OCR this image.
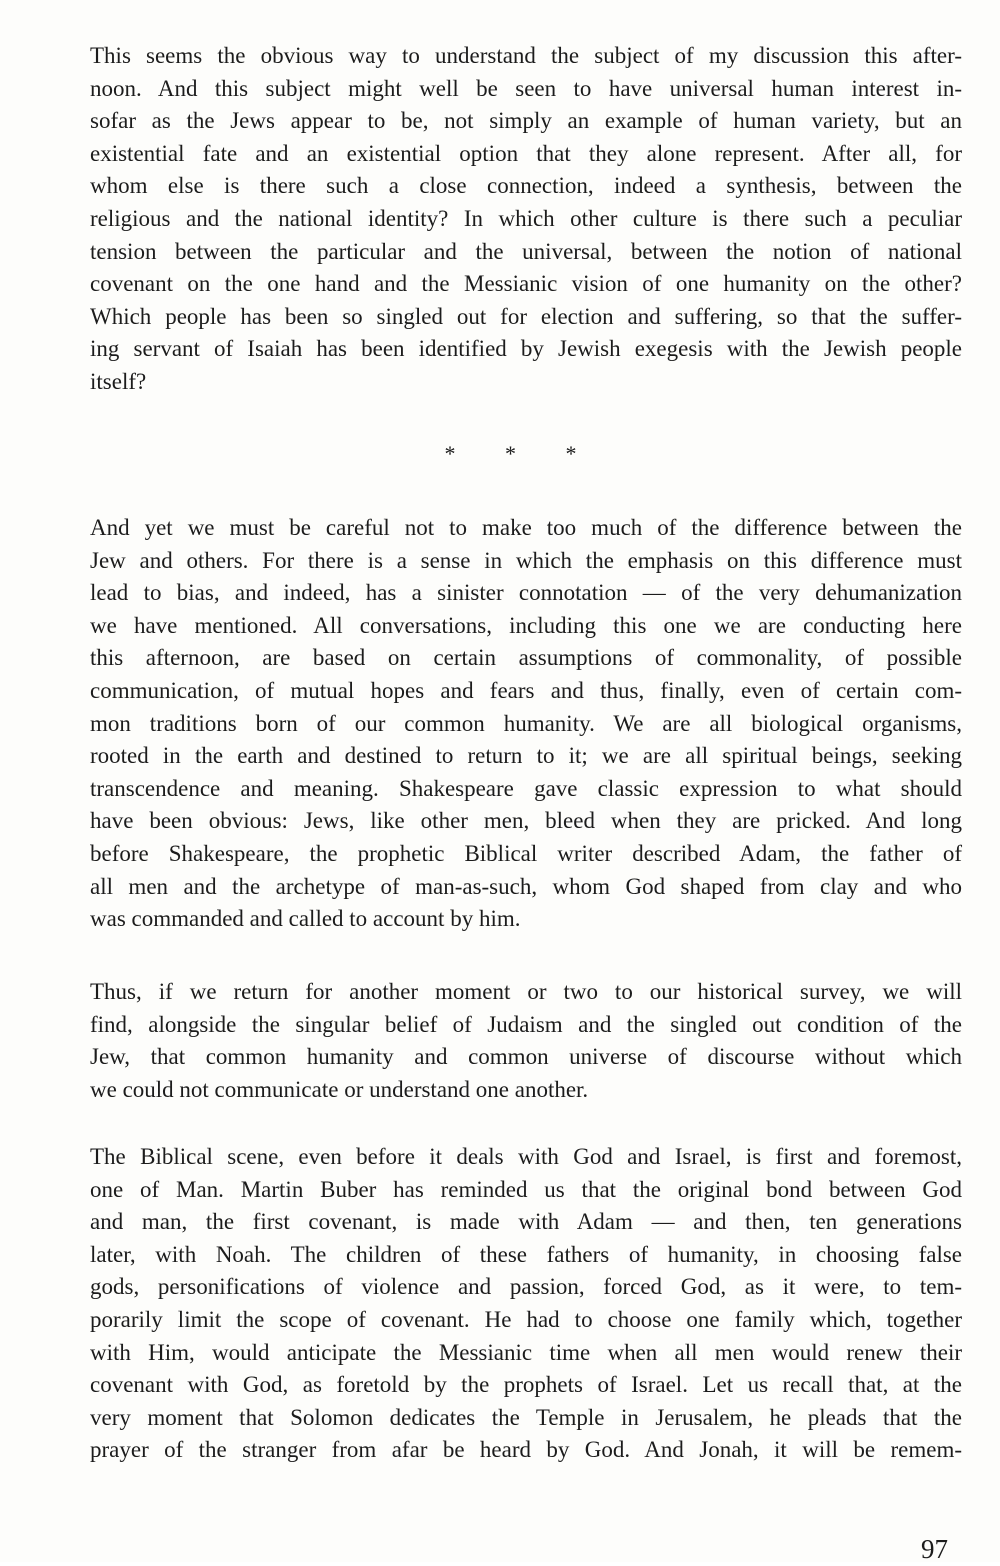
This seems the obvious way to understand the subject of my discussion this after-
noon. And this subject might well be seen to have universal human interest in-
sofar as the Jews appear to be, not simply an example of human variety, but an
existential fate and an existential option that they alone represent. After all, for
whom else is there such a close connection, indeed a synthesis, between the
religious and the national identity? In which other culture is there such a peculiar
tension between the particular and the universal, between the notion of national
covenant on the one hand and the Messianic vision of one humanity on the other?
Which people has been so singled out for election and suffering, so that the suffer-
ing servant of Isaiah has been identified by Jewish exegesis with the Jewish people
itself?
* * *
And yet we must be careful not to make too much of the difference between the
Jew and others. For there is a sense in which the emphasis on this difference must
lead to bias, and indeed, has a sinister connotation — of the very dehumanization
we have mentioned. All conversations, including this one we are conducting here
this afternoon, are based on certain assumptions of commonality, of possible
communication, of mutual hopes and fears and thus, finally, even of certain com-
mon traditions born of our common humanity. We are all biological organisms,
rooted in the earth and destined to return to it; we are all spiritual beings, seeking
transcendence and meaning. Shakespeare gave classic expression to what should
have been obvious: Jews, like other men, bleed when they are pricked. And long
before Shakespeare, the prophetic Biblical writer described Adam, the father of
all men and the archetype of man-as-such, whom God shaped from clay and who
was commanded and called to account by him.
Thus, if we return for another moment or two to our historical survey, we will
find, alongside the singular belief of Judaism and the singled out condition of the
Jew, that common humanity and common universe of discourse without which
we could not communicate or understand one another.
The Biblical scene, even before it deals with God and Israel, is first and foremost,
one of Man. Martin Buber has reminded us that the original bond between God
and man, the first covenant, is made with Adam — and then, ten generations
later, with Noah. The children of these fathers of humanity, in choosing false
gods, personifications of violence and passion, forced God, as it were, to tem-
porarily limit the scope of covenant. He had to choose one family which, together
with Him, would anticipate the Messianic time when all men would renew their
covenant with God, as foretold by the prophets of Israel. Let us recall that, at the
very moment that Solomon dedicates the Temple in Jerusalem, he pleads that the
prayer of the stranger from afar be heard by God. And Jonah, it will be remem-
97
